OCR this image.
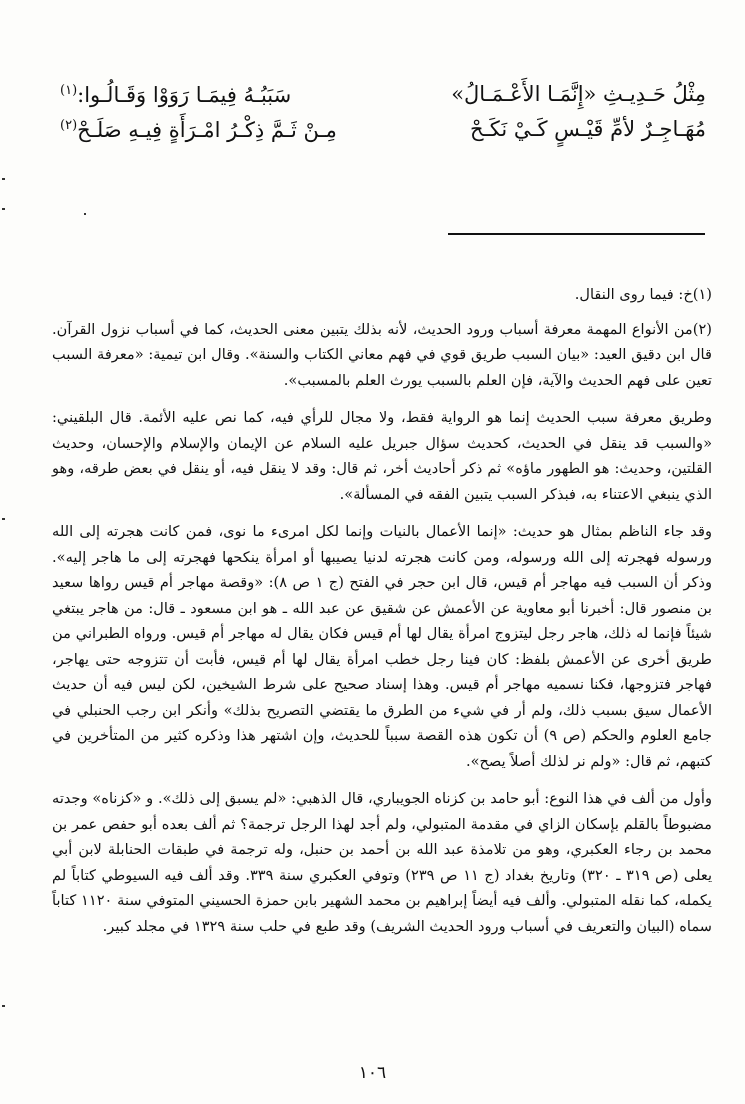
مِثْلُ حَـدِيـثِ «إِنَّمَـا الأَعْـمَـالُ»
سَبَبُـهُ فِيمَـا رَوَوْا وَقَـالُـوا:$^{(١)}$
مُهَـاجِـرٌ لأمِّ قَيْـسٍ كَـيْ نَكَـحْ
مِـنْ ثَـمَّ ذِكْـرُ امْـرَأَةٍ فِيـهِ صَلَـحْ$^{(٢)}$

(١)خ: فيما روى النقال.

(٢)من الأنواع المهمة معرفة أسباب ورود الحديث، لأنه بذلك يتبين معنى الحديث، كما في أسباب نزول القرآن. قال ابن دقيق العيد: «بيان السبب طريق قوي في فهم معاني الكتاب والسنة». وقال ابن تيمية: «معرفة السبب تعين على فهم الحديث والآية، فإن العلم بالسبب يورث العلم بالمسبب».

وطريق معرفة سبب الحديث إنما هو الرواية فقط، ولا مجال للرأي فيه، كما نص عليه الأئمة. قال البلقيني: «والسبب قد ينقل في الحديث، كحديث سؤال جبريل عليه السلام عن الإيمان والإسلام والإحسان، وحديث القلتين، وحديث: هو الطهور ماؤه» ثم ذكر أحاديث أخر، ثم قال: وقد لا ينقل فيه، أو ينقل في بعض طرقه، وهو الذي ينبغي الاعتناء به، فبذكر السبب يتبين الفقه في المسألة».

وقد جاء الناظم بمثال هو حديث: «إنما الأعمال بالنيات وإنما لكل امرىء ما نوى، فمن كانت هجرته إلى الله ورسوله فهجرته إلى الله ورسوله، ومن كانت هجرته لدنيا يصيبها أو امرأة ينكحها فهجرته إلى ما هاجر إليه». وذكر أن السبب فيه مهاجر أم قيس، قال ابن حجر في الفتح (ج ١ ص ٨): «وقصة مهاجر أم قيس رواها سعيد بن منصور قال: أخبرنا أبو معاوية عن الأعمش عن شقيق عن عبد الله ـ هو ابن مسعود ـ قال: من هاجر يبتغي شيئاً فإنما له ذلك، هاجر رجل ليتزوج امرأة يقال لها أم قيس فكان يقال له مهاجر أم قيس. ورواه الطبراني من طريق أخرى عن الأعمش بلفظ: كان فينا رجل خطب امرأة يقال لها أم قيس، فأبت أن تتزوجه حتى يهاجر، فهاجر فتزوجها، فكنا نسميه مهاجر أم قيس. وهذا إسناد صحيح على شرط الشيخين، لكن ليس فيه أن حديث الأعمال سيق بسبب ذلك، ولم أر في شيء من الطرق ما يقتضي التصريح بذلك» وأنكر ابن رجب الحنبلي في جامع العلوم والحكم (ص ٩) أن تكون هذه القصة سبباً للحديث، وإن اشتهر هذا وذكره كثير من المتأخرين في كتبهم، ثم قال: «ولم نر لذلك أصلاً يصح».

وأول من ألف في هذا النوع: أبو حامد بن كزناه الجويباري، قال الذهبي: «لم يسبق إلى ذلك». و «كزناه» وجدته مضبوطاً بالقلم بإسكان الزاي في مقدمة المتبولي، ولم أجد لهذا الرجل ترجمة؟ ثم ألف بعده أبو حفص عمر بن محمد بن رجاء العكبري، وهو من تلامذة عبد الله بن أحمد بن حنبل، وله ترجمة في طبقات الحنابلة لابن أبي يعلى (ص ٣١٩ ـ ٣٢٠) وتاريخ بغداد (ج ١١ ص ٢٣٩) وتوفي العكبري سنة ٣٣٩. وقد ألف فيه السيوطي كتاباً لم يكمله، كما نقله المتبولي. وألف فيه أيضاً إبراهيم بن محمد الشهير بابن حمزة الحسيني المتوفي سنة ١١٢٠ كتاباً سماه (البيان والتعريف في أسباب ورود الحديث الشريف) وقد طبع في حلب سنة ١٣٢٩ في مجلد كبير.

١٠٦
